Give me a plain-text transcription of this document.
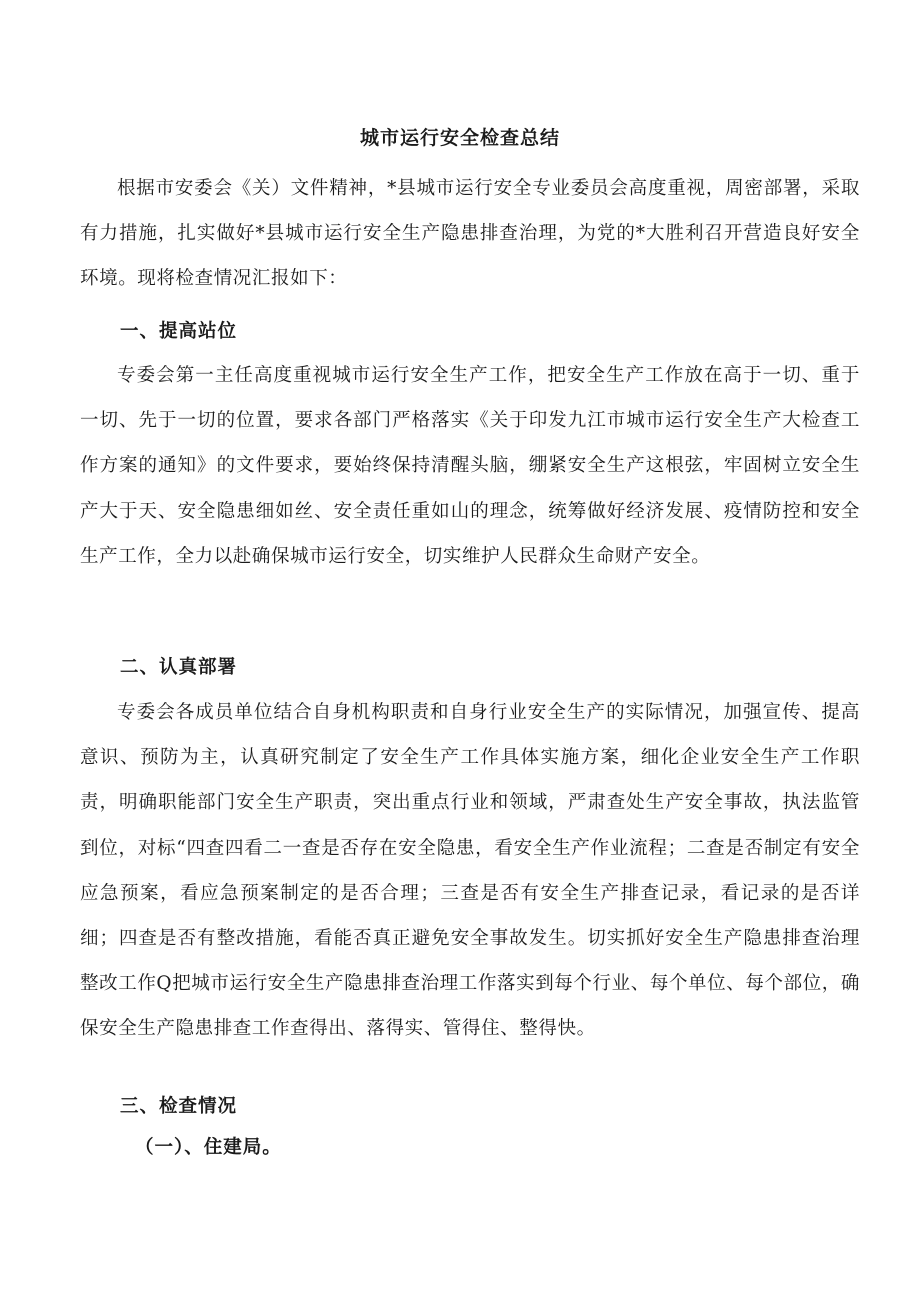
城市运行安全检查总结

根据市安委会《关）文件精神，*县城市运行安全专业委员会高度重视，周密部署，采取有力措施，扎实做好*县城市运行安全生产隐患排查治理，为党的*大胜利召开营造良好安全环境。现将检查情况汇报如下：

一、提高站位

专委会第一主任高度重视城市运行安全生产工作，把安全生产工作放在高于一切、重于一切、先于一切的位置，要求各部门严格落实《关于印发九江市城市运行安全生产大检查工作方案的通知》的文件要求，要始终保持清醒头脑，绷紧安全生产这根弦，牢固树立安全生产大于天、安全隐患细如丝、安全责任重如山的理念，统筹做好经济发展、疫情防控和安全生产工作，全力以赴确保城市运行安全，切实维护人民群众生命财产安全。

二、认真部署

专委会各成员单位结合自身机构职责和自身行业安全生产的实际情况，加强宣传、提高意识、预防为主，认真研究制定了安全生产工作具体实施方案，细化企业安全生产工作职责，明确职能部门安全生产职责，突出重点行业和领域，严肃查处生产安全事故，执法监管到位，对标“四查四看二一查是否存在安全隐患，看安全生产作业流程；二查是否制定有安全应急预案，看应急预案制定的是否合理；三查是否有安全生产排查记录，看记录的是否详细；四查是否有整改措施，看能否真正避免安全事故发生。切实抓好安全生产隐患排查治理整改工作Q把城市运行安全生产隐患排查治理工作落实到每个行业、每个单位、每个部位，确保安全生产隐患排查工作查得出、落得实、管得住、整得快。

三、检查情况
（一）、住建局。
